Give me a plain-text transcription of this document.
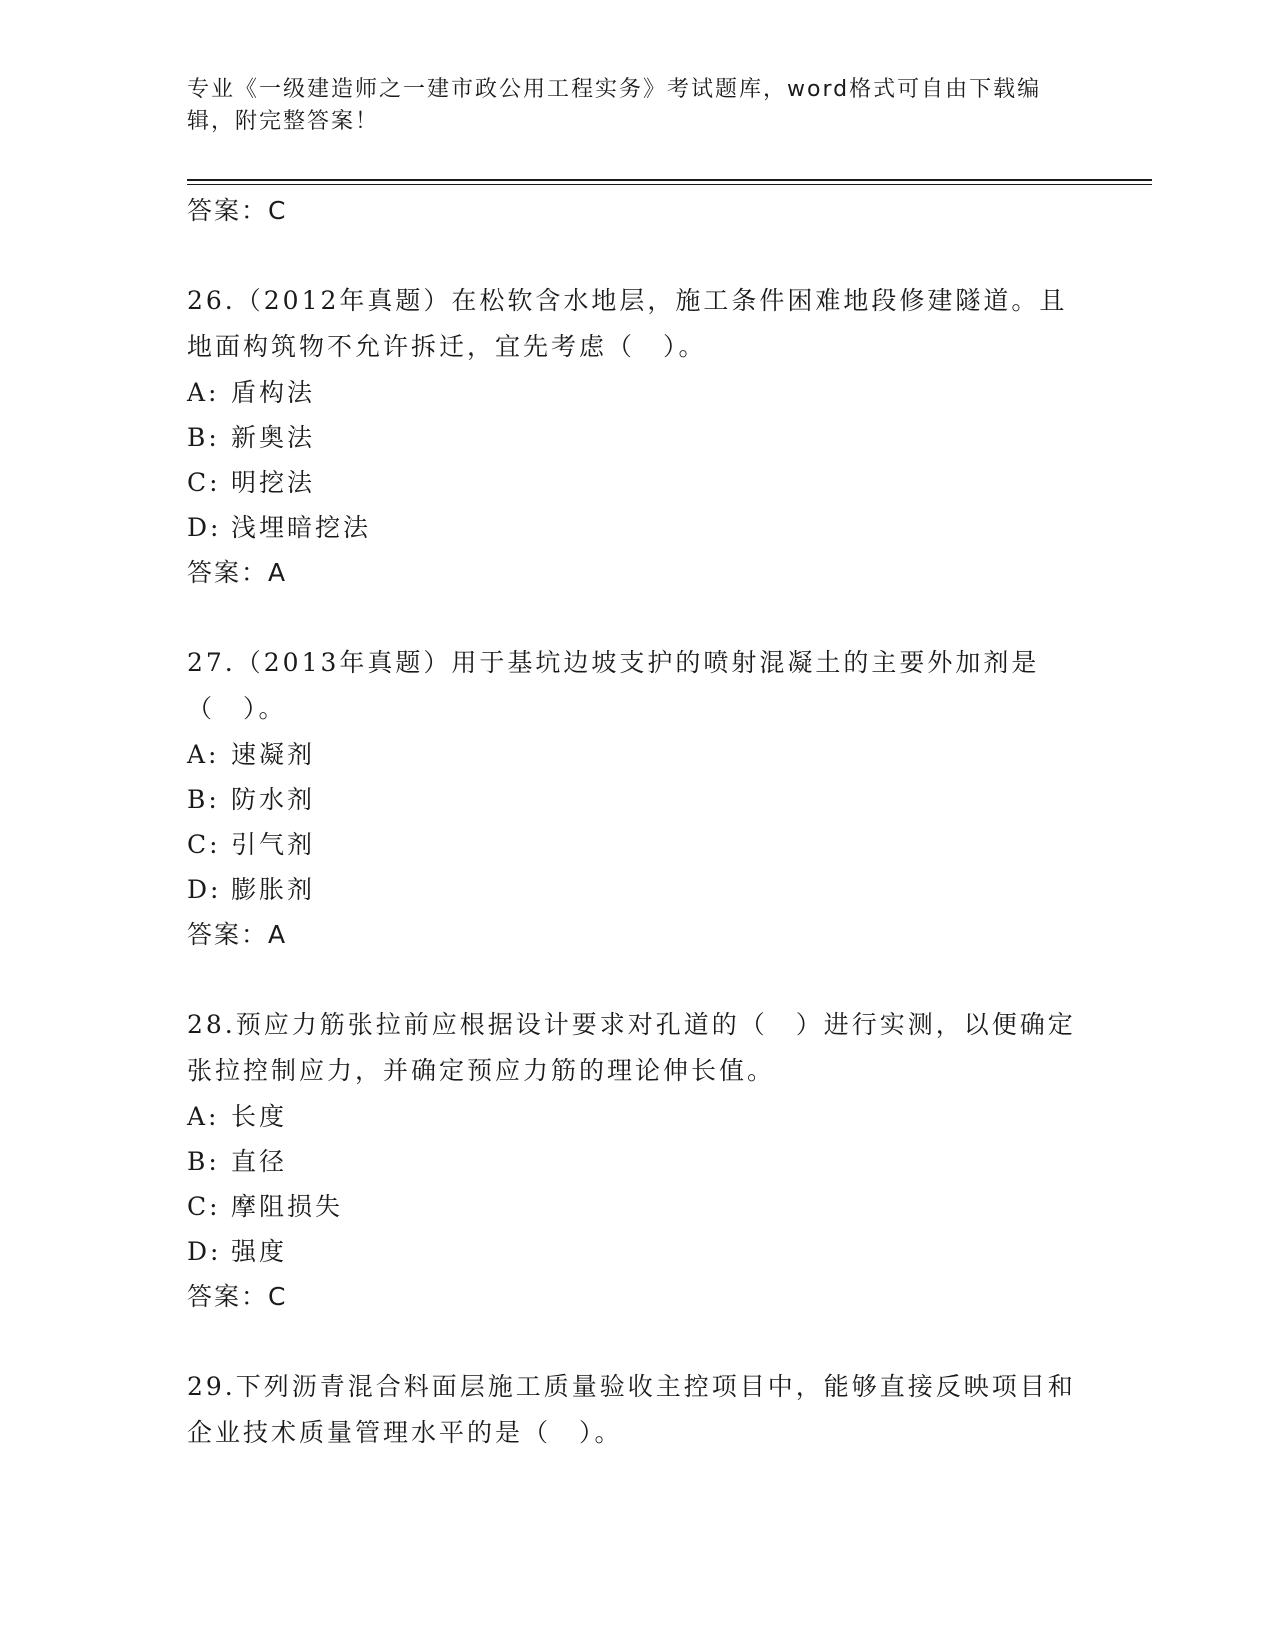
专业《一级建造师之一建市政公用工程实务》考试题库，word格式可自由下载编辑，附完整答案！

答案：C

26.（2012年真题）在松软含水地层，施工条件困难地段修建隧道。且地面构筑物不允许拆迁，宜先考虑（　）。

A: 盾构法

B: 新奥法

C: 明挖法

D: 浅埋暗挖法

答案：A

27.（2013年真题）用于基坑边坡支护的喷射混凝土的主要外加剂是（　）。

A: 速凝剂

B: 防水剂

C: 引气剂

D: 膨胀剂

答案：A

28.预应力筋张拉前应根据设计要求对孔道的（　）进行实测，以便确定张拉控制应力，并确定预应力筋的理论伸长值。

A: 长度

B: 直径

C: 摩阻损失

D: 强度

答案：C

29.下列沥青混合料面层施工质量验收主控项目中，能够直接反映项目和企业技术质量管理水平的是（　）。
